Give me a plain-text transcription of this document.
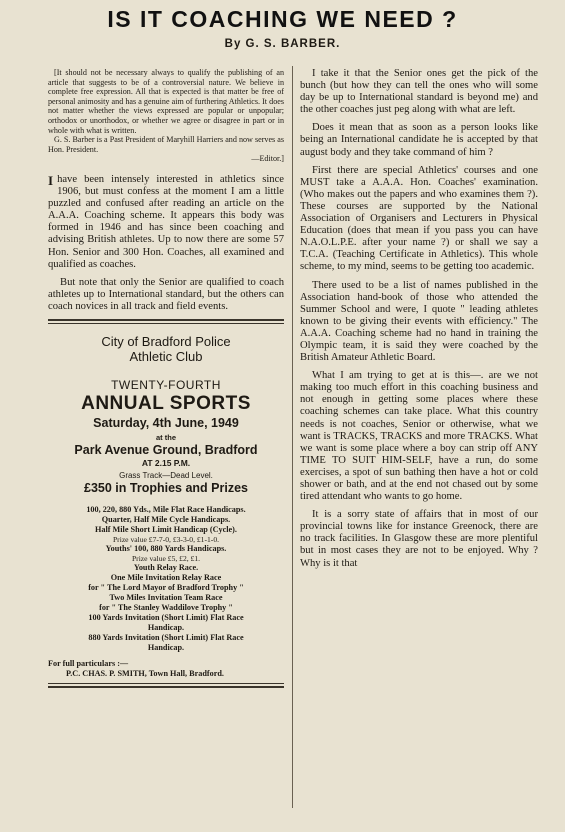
IS IT COACHING WE NEED ?
By G. S. BARBER.

[It should not be necessary always to qualify the publishing of an article that suggests to be of a controversial nature. We believe in complete free expression. All that is expected is that matter be free of personal animosity and has a genuine aim of furthering Athletics. It does not matter whether the views expressed are popular or unpopular; orthodox or unorthodox, or whether we agree or disagree in part or in whole with what is written.

G. S. Barber is a Past President of Maryhill Harriers and now serves as Hon. President.

—Editor.]

I have been intensely interested in athletics since 1906, but must confess at the moment I am a little puzzled and confused after reading an article on the A.A.A. Coaching scheme. It appears this body was formed in 1946 and has since been coaching and advising British athletes. Up to now there are some 57 Hon. Senior and 300 Hon. Coaches, all examined and qualified as coaches.

But note that only the Senior are qualified to coach athletes up to International standard, but the others can coach novices in all track and field events.

City of Bradford Police
Athletic Club
TWENTY-FOURTH
ANNUAL SPORTS
Saturday, 4th June, 1949
at the
Park Avenue Ground, Bradford
AT 2.15 P.M.
Grass Track—Dead Level.
£350 in Trophies and Prizes
100, 220, 880 Yds., Mile Flat Race Handicaps.
Quarter, Half Mile Cycle Handicaps.
Half Mile Short Limit Handicap (Cycle).
Prize value £7-7-0, £3-3-0, £1-1-0.
Youths' 100, 880 Yards Handicaps.
Prize value £5, £2, £1.
Youth Relay Race.
One Mile Invitation Relay Race
for " The Lord Mayor of Bradford Trophy "
Two Miles Invitation Team Race
for " The Stanley Waddilove Trophy "
100 Yards Invitation (Short Limit) Flat Race
Handicap.
880 Yards Invitation (Short Limit) Flat Race
Handicap.
For full particulars :—
P.C. CHAS. P. SMITH, Town Hall, Bradford.

I take it that the Senior ones get the pick of the bunch (but how they can tell the ones who will some day be up to International standard is beyond me) and the other coaches just peg along with what are left.

Does it mean that as soon as a person looks like being an International candidate he is accepted by that august body and they take command of him ?

First there are special Athletics' courses and one MUST take a A.A.A. Hon. Coaches' examination. (Who makes out the papers and who examines them ?). These courses are supported by the National Association of Organisers and Lecturers in Physical Education (does that mean if you pass you can have N.A.O.L.P.E. after your name ?) or shall we say a T.C.A. (Teaching Certificate in Athletics). This whole scheme, to my mind, seems to be getting too academic.

There used to be a list of names published in the Association hand-book of those who attended the Summer School and were, I quote " leading athletes known to be giving their events with efficiency." The A.A.A. Coaching scheme had no hand in training the Olympic team, it is said they were coached by the British Amateur Athletic Board.

What I am trying to get at is this—. are we not making too much effort in this coaching business and not enough in getting some places where these coaching schemes can take place. What this country needs is not coaches, Senior or otherwise, what we want is TRACKS, TRACKS and more TRACKS. What we want is some place where a boy can strip off ANY TIME TO SUIT HIM-SELF, have a run, do some exercises, a spot of sun bathing then have a hot or cold shower or bath, and at the end not chased out by some tired attendant who wants to go home.

It is a sorry state of affairs that in most of our provincial towns like for instance Greenock, there are no track facilities. In Glasgow these are more plentiful but in most cases they are not to be enjoyed. Why ? Why is it that
